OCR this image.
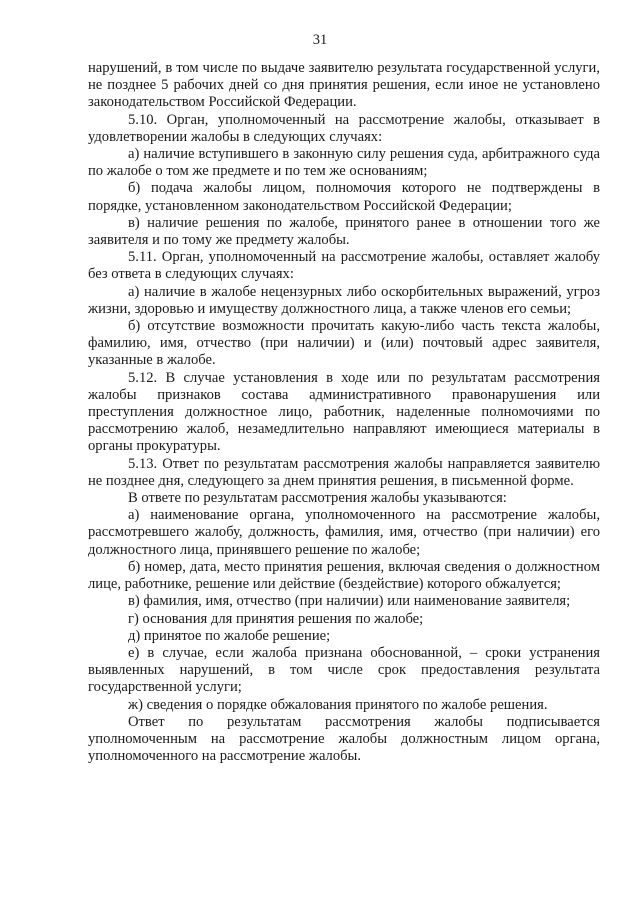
31

нарушений, в том числе по выдаче заявителю результата государственной услуги, не позднее 5 рабочих дней со дня принятия решения, если иное не установлено законодательством Российской Федерации.

5.10. Орган, уполномоченный на рассмотрение жалобы, отказывает в удовлетворении жалобы в следующих случаях:

а) наличие вступившего в законную силу решения суда, арбитражного суда по жалобе о том же предмете и по тем же основаниям;

б) подача жалобы лицом, полномочия которого не подтверждены в порядке, установленном законодательством Российской Федерации;

в) наличие решения по жалобе, принятого ранее в отношении того же заявителя и по тому же предмету жалобы.

5.11. Орган, уполномоченный на рассмотрение жалобы, оставляет жалобу без ответа в следующих случаях:

а) наличие в жалобе нецензурных либо оскорбительных выражений, угроз жизни, здоровью и имуществу должностного лица, а также членов его семьи;

б) отсутствие возможности прочитать какую-либо часть текста жалобы, фамилию, имя, отчество (при наличии) и (или) почтовый адрес заявителя, указанные в жалобе.

5.12. В случае установления в ходе или по результатам рассмотрения жалобы признаков состава административного правонарушения или преступления должностное лицо, работник, наделенные полномочиями по рассмотрению жалоб, незамедлительно направляют имеющиеся материалы в органы прокуратуры.

5.13. Ответ по результатам рассмотрения жалобы направляется заявителю не позднее дня, следующего за днем принятия решения, в письменной форме.

В ответе по результатам рассмотрения жалобы указываются:

а) наименование органа, уполномоченного на рассмотрение жалобы, рассмотревшего жалобу, должность, фамилия, имя, отчество (при наличии) его должностного лица, принявшего решение по жалобе;

б) номер, дата, место принятия решения, включая сведения о должностном лице, работнике, решение или действие (бездействие) которого обжалуется;

в) фамилия, имя, отчество (при наличии) или наименование заявителя;

г) основания для принятия решения по жалобе;

д) принятое по жалобе решение;

е) в случае, если жалоба признана обоснованной, – сроки устранения выявленных нарушений, в том числе срок предоставления результата государственной услуги;

ж) сведения о порядке обжалования принятого по жалобе решения.

Ответ по результатам рассмотрения жалобы подписывается уполномоченным на рассмотрение жалобы должностным лицом органа, уполномоченного на рассмотрение жалобы.
